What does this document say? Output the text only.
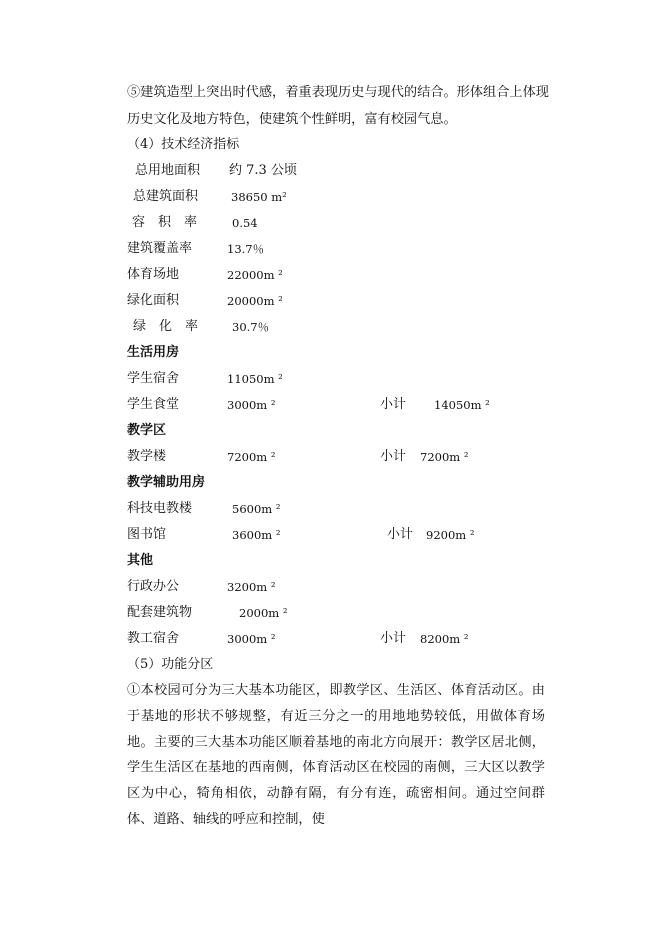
⑤建筑造型上突出时代感，着重表现历史与现代的结合。形体组合上体现
历史文化及地方特色，使建筑个性鲜明，富有校园气息。
（4）技术经济指标
总用地面积 约 7.3 公顷
总建筑面积	38650 m²
容　积　率	0.54
建筑覆盖率	13.7％
体育场地	22000m ²
绿化面积	20000m ²
绿　化　率	30.7％
生活用房
学生宿舍	11050m ²
学生食堂	3000m ²	小计 14050m ²
教学区
教学楼	7200m ²	小计 7200m ²
教学辅助用房
科技电教楼	5600m ²
图书馆	3600m ²	小计 9200m ²
其他
行政办公	3200m ²
配套建筑物	2000m ²
教工宿舍	3000m ²	小计 8200m ²
（5）功能分区
①本校园可分为三大基本功能区，即教学区、生活区、体育活动区。由于基地的形状不够规整，有近三分之一的用地地势较低，用做体育场地。主要的三大基本功能区顺着基地的南北方向展开：教学区居北侧，学生生活区在基地的西南侧，体育活动区在校园的南侧，三大区以教学区为中心，犄角相依，动静有隔，有分有连，疏密相间。通过空间群体、道路、轴线的呼应和控制，使
